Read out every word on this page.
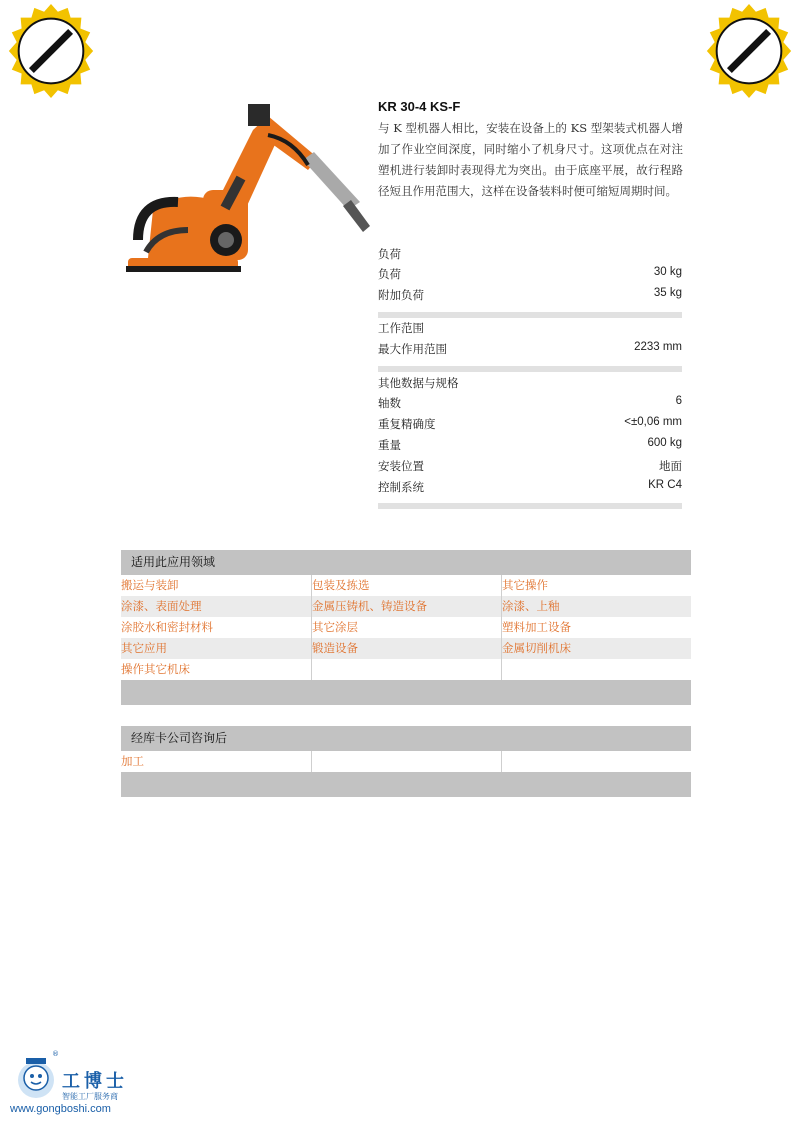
KR 30-4 KS-F
与 K 型机器人相比，安装在设备上的 KS 型架装式机器人增加了作业空间深度，同时缩小了机身尺寸。这项优点在对注塑机进行装卸时表现得尤为突出。由于底座平展，故行程路径短且作用范围大，这样在设备装料时便可缩短周期时间。
负荷
负荷	30 kg
附加负荷	35 kg
工作范围
最大作用范围	2233 mm
其他数据与规格
轴数	6
重复精确度	<±0,06 mm
重量	600 kg
安装位置	地面
控制系统	KR C4
适用此应用领域
搬运与装卸	包装及拣选	其它操作
涂漆、表面处理	金属压铸机、铸造设备	涂漆、上釉
涂胶水和密封材料	其它涂层	塑料加工设备
其它应用	锻造设备	金属切削机床
操作其它机床
经库卡公司咨询后
加工
®
工博士
智能工厂服务商
www.gongboshi.com
